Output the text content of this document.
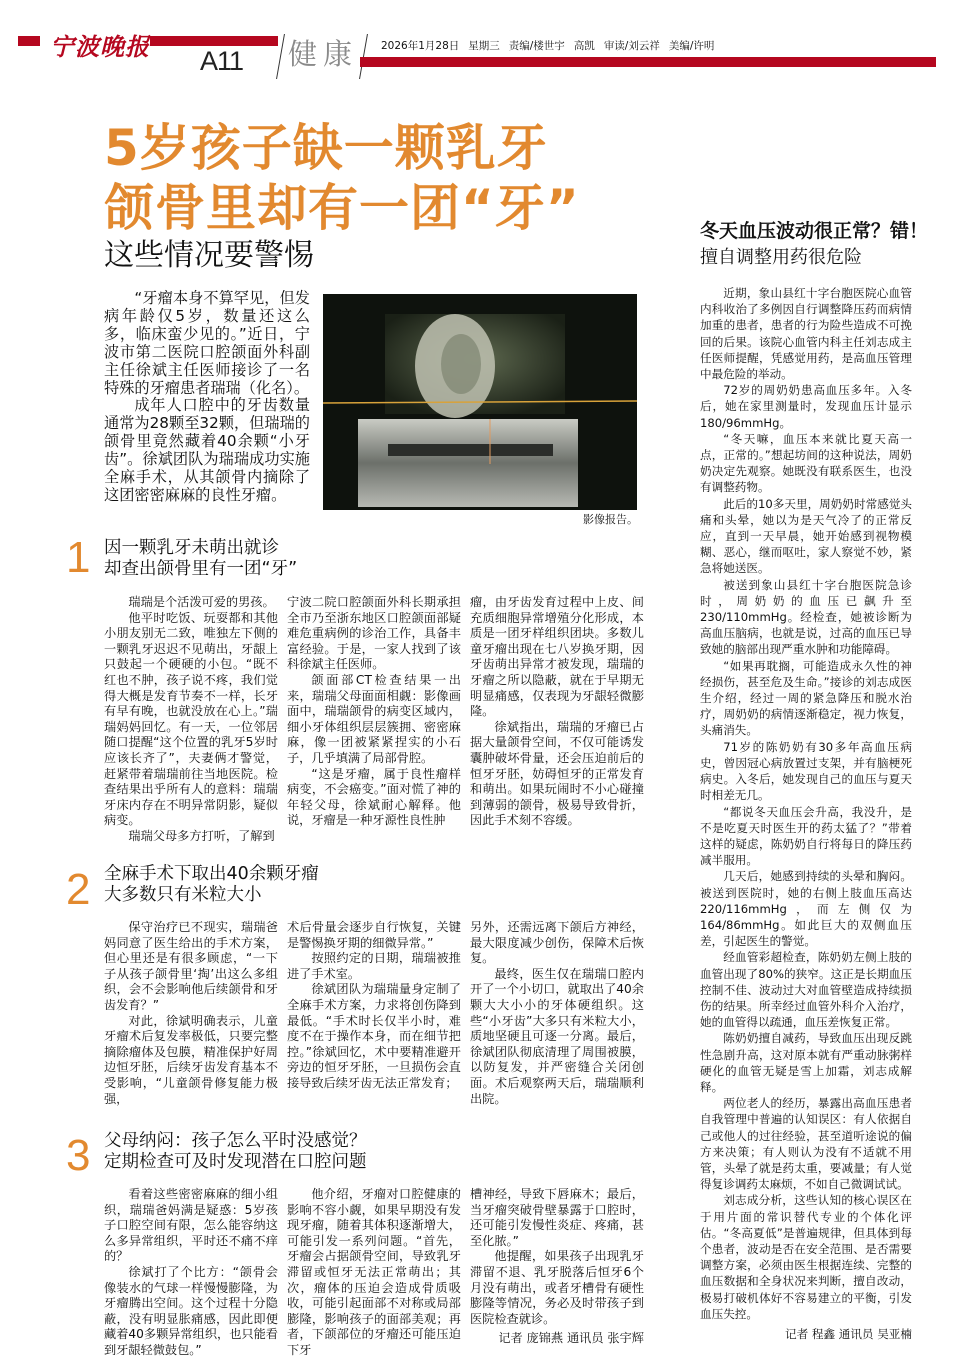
宁波晚报 A11 健康 2026年1月28日 星期三 责编/楼世宇 高凯 审读/刘云祥 美编/许明
5岁孩子缺一颗乳牙
颌骨里却有一团“牙”
这些情况要警惕

“牙瘤本身不算罕见，但发病年龄仅5岁，数量还这么多，临床蛮少见的。”近日，宁波市第二医院口腔颌面外科副主任徐斌主任医师接诊了一名特殊的牙瘤患者瑞瑞（化名）。

成年人口腔中的牙齿数量通常为28颗至32颗，但瑞瑞的颌骨里竟然藏着40余颗“小牙齿”。徐斌团队为瑞瑞成功实施全麻手术，从其颌骨内摘除了这团密密麻麻的良性牙瘤。

影像报告。
1 因一颗乳牙未萌出就诊
却查出颌骨里有一团“牙”

瑞瑞是个活泼可爱的男孩。

他平时吃饭、玩耍都和其他小朋友别无二致，唯独左下侧的一颗乳牙迟迟不见萌出，牙龈上只鼓起一个硬硬的小包。“既不红也不肿，孩子说不疼，我们觉得大概是发育节奏不一样，长牙有早有晚，也就没放在心上。”瑞瑞妈妈回忆。有一天，一位邻居随口提醒“这个位置的乳牙5岁时应该长齐了”，夫妻俩才警觉，赶紧带着瑞瑞前往当地医院。检查结果出乎所有人的意料：瑞瑞牙床内存在不明异常阴影，疑似病变。

瑞瑞父母多方打听，了解到

宁波二院口腔颌面外科长期承担全市乃至浙东地区口腔颌面部疑难危重病例的诊治工作，具备丰富经验。于是，一家人找到了该科徐斌主任医师。

颌面部CT检查结果一出来，瑞瑞父母面面相觑：影像画面中，瑞瑞颌骨的病变区域内，细小牙体组织层层簇拥、密密麻麻，像一团被紧紧捏实的小石子，几乎填满了局部骨腔。

“这是牙瘤，属于良性瘤样病变，不会癌变。”面对慌了神的年轻父母，徐斌耐心解释。他说，牙瘤是一种牙源性良性肿

瘤，由牙齿发育过程中上皮、间充质细胞异常增殖分化形成，本质是一团牙样组织团块。多数儿童牙瘤出现在七八岁换牙期，因牙齿萌出异常才被发现，瑞瑞的牙瘤之所以隐蔽，就在于早期无明显痛感，仅表现为牙龈轻微膨隆。

徐斌指出，瑞瑞的牙瘤已占据大量颌骨空间，不仅可能诱发囊肿破坏骨量，还会压迫前后的恒牙牙胚，妨碍恒牙的正常发育和萌出。如果玩闹时不小心碰撞到薄弱的颌骨，极易导致骨折，因此手术刻不容缓。

2 全麻手术下取出40余颗牙瘤
大多数只有米粒大小

保守治疗已不现实，瑞瑞爸妈同意了医生给出的手术方案，但心里还是有很多顾虑，“一下子从孩子颌骨里‘掏’出这么多组织，会不会影响他后续颌骨和牙齿发育？”

对此，徐斌明确表示，儿童牙瘤术后复发率极低，只要完整摘除瘤体及包膜，精准保护好周边恒牙胚，后续牙齿发育基本不受影响，“儿童颌骨修复能力极强，

术后骨量会逐步自行恢复，关键是警惕换牙期的细微异常。”

按照约定的日期，瑞瑞被推进了手术室。

徐斌团队为瑞瑞量身定制了全麻手术方案，力求将创伤降到最低。“手术时长仅半小时，难度不在于操作本身，而在细节把控。”徐斌回忆，术中要精准避开旁边的恒牙牙胚，一旦损伤会直接导致后续牙齿无法正常发育；

另外，还需远离下颌后方神经，最大限度减少创伤，保障术后恢复。

最终，医生仅在瑞瑞口腔内开了一个小切口，就取出了40余颗大大小小的牙体硬组织。这些“小牙齿”大多只有米粒大小，质地坚硬且可逐一分离。最后，徐斌团队彻底清理了周围被膜，以防复发，并严密缝合关闭创面。术后观察两天后，瑞瑞顺利出院。

3 父母纳闷：孩子怎么平时没感觉？
定期检查可及时发现潜在口腔问题

看着这些密密麻麻的细小组织，瑞瑞爸妈满是疑惑：5岁孩子口腔空间有限，怎么能容纳这么多异常组织，平时还不痛不痒的？

徐斌打了个比方：“颌骨会像装水的气球一样慢慢膨隆，为牙瘤腾出空间。这个过程十分隐蔽，没有明显胀痛感，因此即便藏着40多颗异常组织，也只能看到牙龈轻微鼓包。”

他介绍，牙瘤对口腔健康的影响不容小觑，如果早期没有发现牙瘤，随着其体积逐渐增大，可能引发一系列问题。“首先，牙瘤会占据颌骨空间，导致乳牙滞留或恒牙无法正常萌出；其次，瘤体的压迫会造成骨质吸收，可能引起面部不对称或局部膨隆，影响孩子的面部美观；再者，下颌部位的牙瘤还可能压迫下牙

槽神经，导致下唇麻木；最后，当牙瘤突破骨壁暴露于口腔时，还可能引发慢性炎症、疼痛，甚至化脓。”

他提醒，如果孩子出现乳牙滞留不退、乳牙脱落后恒牙6个月没有萌出，或者牙槽骨有硬性膨隆等情况，务必及时带孩子到医院检查就诊。

记者 庞锦燕 通讯员 张宇辉

冬天血压波动很正常？错！
擅自调整用药很危险

近期，象山县红十字台胞医院心血管内科收治了多例因自行调整降压药而病情加重的患者，患者的行为险些造成不可挽回的后果。该院心血管内科主任刘志成主任医师提醒，凭感觉用药，是高血压管理中最危险的举动。

72岁的周奶奶患高血压多年。入冬后，她在家里测量时，发现血压计显示180/96mmHg。

“冬天嘛，血压本来就比夏天高一点，正常的。”想起坊间的这种说法，周奶奶决定先观察。她既没有联系医生，也没有调整药物。

此后的10多天里，周奶奶时常感觉头痛和头晕，她以为是天气冷了的正常反应，直到一天早晨，她开始感到视物模糊、恶心，继而呕吐，家人察觉不妙，紧急将她送医。

被送到象山县红十字台胞医院急诊时，周奶奶的血压已飙升至230/110mmHg。经检查，她被诊断为高血压脑病，也就是说，过高的血压已导致她的脑部出现严重水肿和功能障碍。

“如果再耽搁，可能造成永久性的神经损伤，甚至危及生命。”接诊的刘志成医生介绍，经过一周的紧急降压和脱水治疗，周奶奶的病情逐渐稳定，视力恢复，头痛消失。

71岁的陈奶奶有30多年高血压病史，曾因冠心病放置过支架，并有脑梗死病史。入冬后，她发现自己的血压与夏天时相差无几。

“都说冬天血压会升高，我没升，是不是吃夏天时医生开的药太猛了？”带着这样的疑虑，陈奶奶自行将每日的降压药减半服用。

几天后，她感到持续的头晕和胸闷。被送到医院时，她的右侧上肢血压高达220/116mmHg，而左侧仅为164/86mmHg。如此巨大的双侧血压差，引起医生的警觉。

经血管彩超检查，陈奶奶左侧上肢的血管出现了80%的狭窄。这正是长期血压控制不佳、波动过大对血管壁造成持续损伤的结果。所幸经过血管外科介入治疗，她的血管得以疏通，血压差恢复正常。

陈奶奶擅自减药，导致血压出现反跳性急剧升高，这对原本就有严重动脉粥样硬化的血管无疑是雪上加霜，刘志成解释。

两位老人的经历，暴露出高血压患者自我管理中普遍的认知误区：有人依据自己或他人的过往经验，甚至道听途说的偏方来决策；有人则认为没有不适就不用管，头晕了就是药太重，要减量；有人觉得复诊调药太麻烦，不如自己微调试试。

刘志成分析，这些认知的核心误区在于用片面的常识替代专业的个体化评估。“冬高夏低”是普遍规律，但具体到每个患者，波动是否在安全范围、是否需要调整方案，必须由医生根据连续、完整的血压数据和全身状况来判断，擅自改动，极易打破机体好不容易建立的平衡，引发血压失控。

记者 程鑫 通讯员 吴亚楠
